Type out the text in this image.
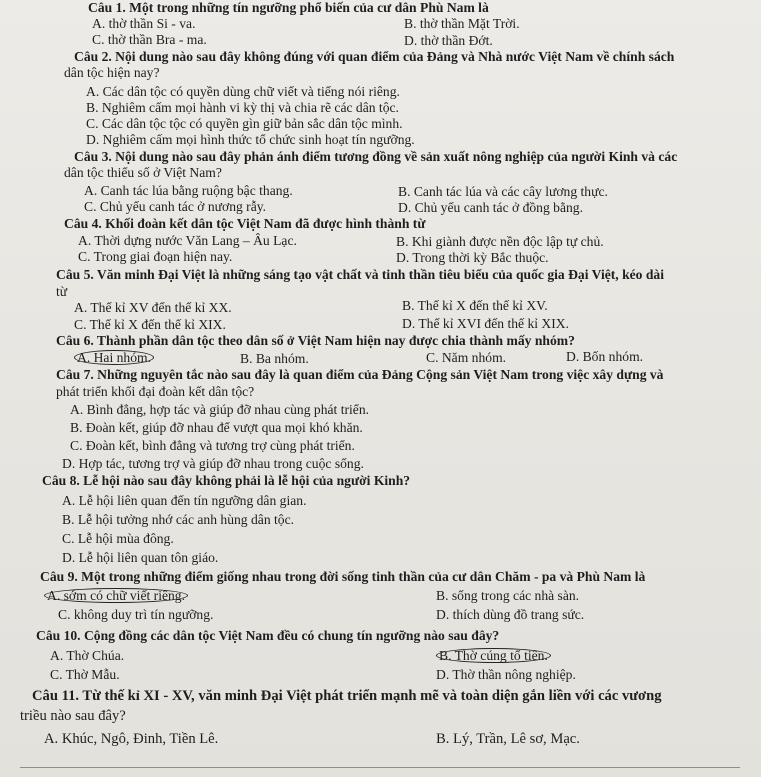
Câu 1. Một trong những tín ngưỡng phổ biến của cư dân Phù Nam là
A. thờ thần Si - va.	B. thờ thần Mặt Trời.
C. thờ thần Bra - ma.	D. thờ thần Đớt.
Câu 2. Nội dung nào sau đây không đúng với quan điểm của Đảng và Nhà nước Việt Nam về chính sách
dân tộc hiện nay?
A. Các dân tộc có quyền dùng chữ viết và tiếng nói riêng.
B. Nghiêm cấm mọi hành vi kỳ thị và chia rẽ các dân tộc.
C. Các dân tộc tộc có quyền gìn giữ bản sắc dân tộc mình.
D. Nghiêm cấm mọi hình thức tổ chức sinh hoạt tín ngưỡng.
Câu 3. Nội dung nào sau đây phản ánh điểm tương đồng về sản xuất nông nghiệp của người Kinh và các
dân tộc thiểu số ở Việt Nam?
A. Canh tác lúa bằng ruộng bậc thang.	B. Canh tác lúa và các cây lương thực.
C. Chủ yếu canh tác ở nương rẫy.	D. Chủ yếu canh tác ở đồng bằng.
Câu 4. Khối đoàn kết dân tộc Việt Nam đã được hình thành từ
A. Thời dựng nước Văn Lang – Âu Lạc.	B. Khi giành được nền độc lập tự chủ.
C. Trong giai đoạn hiện nay.	D. Trong thời kỳ Bắc thuộc.
Câu 5. Văn minh Đại Việt là những sáng tạo vật chất và tinh thần tiêu biểu của quốc gia Đại Việt, kéo dài
từ
A. Thế kỉ XV đến thế kỉ XX.	B. Thế kỉ X đến thế kỉ XV.
C. Thế kỉ X đến thế kỉ XIX.	D. Thế kỉ XVI đến thế kỉ XIX.
Câu 6. Thành phần dân tộc theo dân số ở Việt Nam hiện nay được chia thành mấy nhóm?
A. Hai nhóm.	B. Ba nhóm.	C. Năm nhóm.	D. Bốn nhóm.
Câu 7. Những nguyên tắc nào sau đây là quan điểm của Đảng Cộng sản Việt Nam trong việc xây dựng và
phát triển khối đại đoàn kết dân tộc?
A. Bình đẳng, hợp tác và giúp đỡ nhau cùng phát triển.
B. Đoàn kết, giúp đỡ nhau để vượt qua mọi khó khăn.
C. Đoàn kết, bình đẳng và tương trợ cùng phát triển.
D. Hợp tác, tương trợ và giúp đỡ nhau trong cuộc sống.
Câu 8. Lễ hội nào sau đây không phải là lễ hội của người Kinh?
A. Lễ hội liên quan đến tín ngưỡng dân gian.
B. Lễ hội tưởng nhớ các anh hùng dân tộc.
C. Lễ hội mùa đông.
D. Lễ hội liên quan tôn giáo.
Câu 9. Một trong những điểm giống nhau trong đời sống tinh thần của cư dân Chăm - pa và Phù Nam là
A. sớm có chữ viết riêng.	B. sống trong các nhà sàn.
C. không duy trì tín ngưỡng.	D. thích dùng đồ trang sức.
Câu 10. Cộng đồng các dân tộc Việt Nam đều có chung tín ngưỡng nào sau đây?
A. Thờ Chúa.	B. Thờ cúng tổ tiên.
C. Thờ Mẫu.	D. Thờ thần nông nghiệp.
Câu 11. Từ thế kỉ XI - XV, văn minh Đại Việt phát triển mạnh mẽ và toàn diện gắn liền với các vương
triều nào sau đây?
A. Khúc, Ngô, Đinh, Tiền Lê.	B. Lý, Trần, Lê sơ, Mạc.
